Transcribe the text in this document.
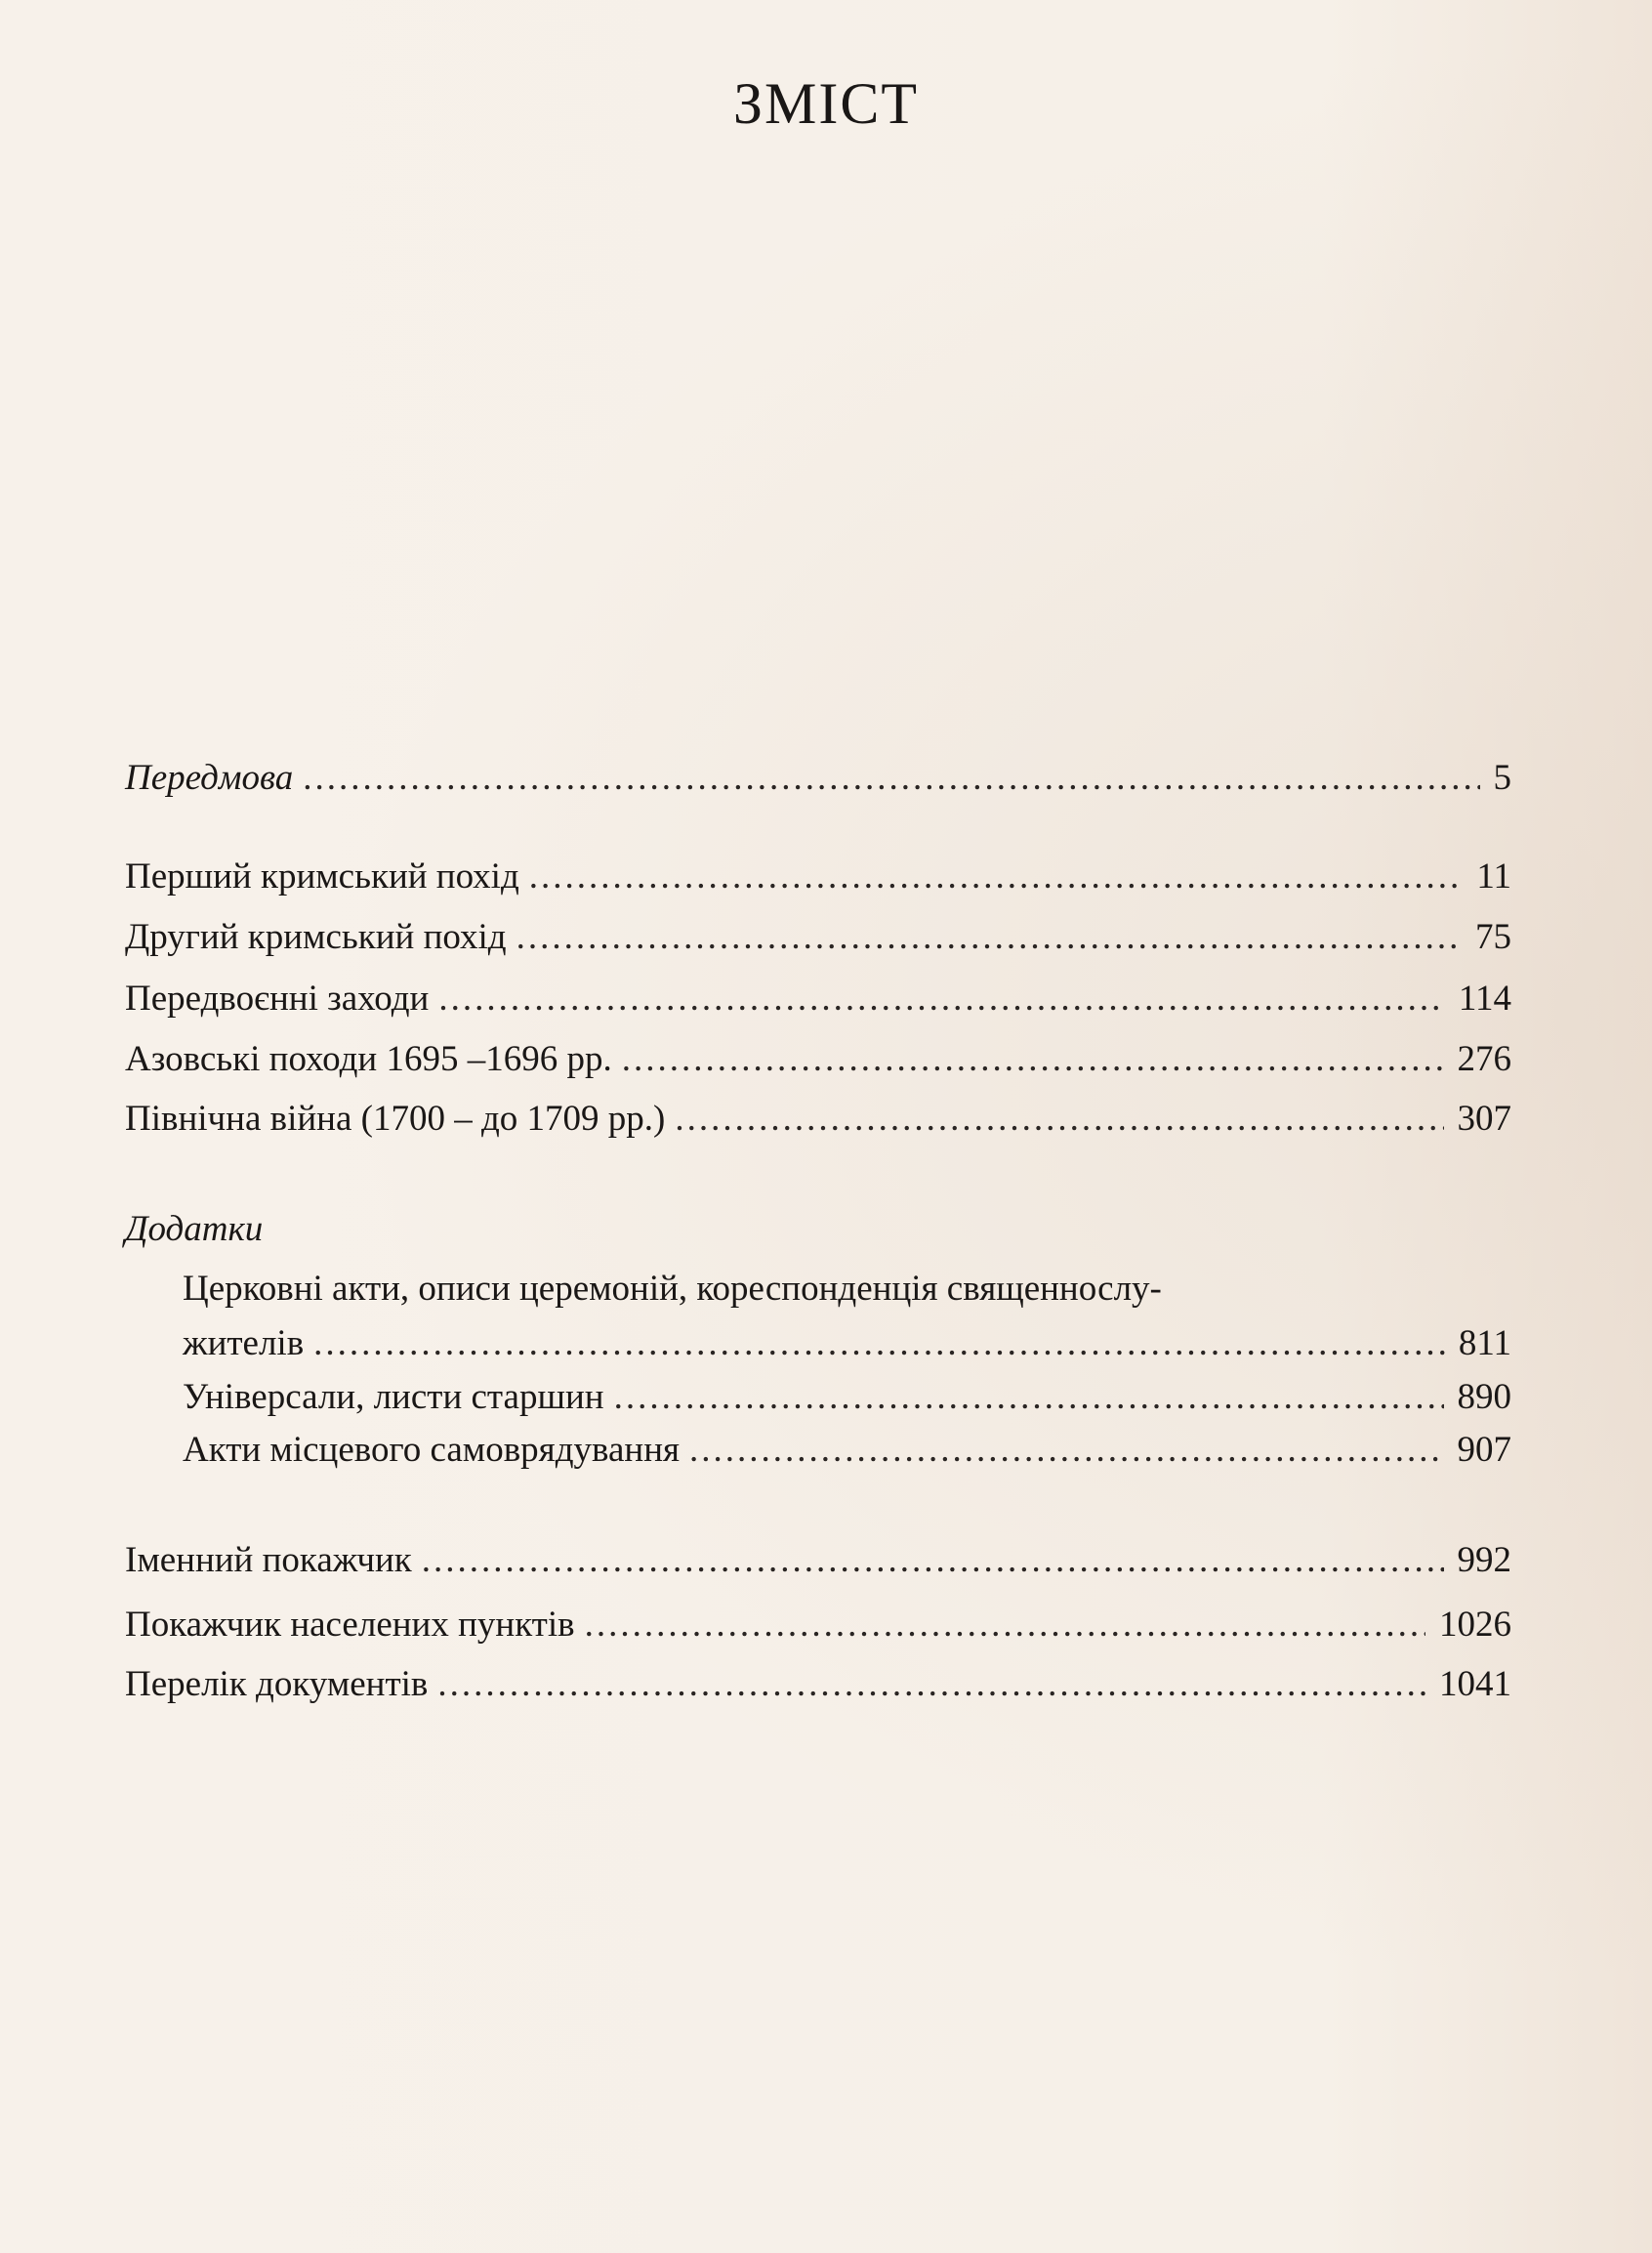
ЗМІСТ
Передмова .....	5
Перший кримський похід .....	11
Другий кримський похід .....	75
Передвоєнні заходи .....	114
Азовські походи 1695 –1696 рр. .....	276
Північна війна (1700 – до 1709 рр.) .....	307
Додатки
Церковні акти, описи церемоній, кореспонденція священнослу-
жителів .....	811
Універсали, листи старшин .....	890
Акти місцевого самоврядування .....	907
Іменний покажчик .....	992
Покажчик населених пунктів .....	1026
Перелік документів .....	1041
